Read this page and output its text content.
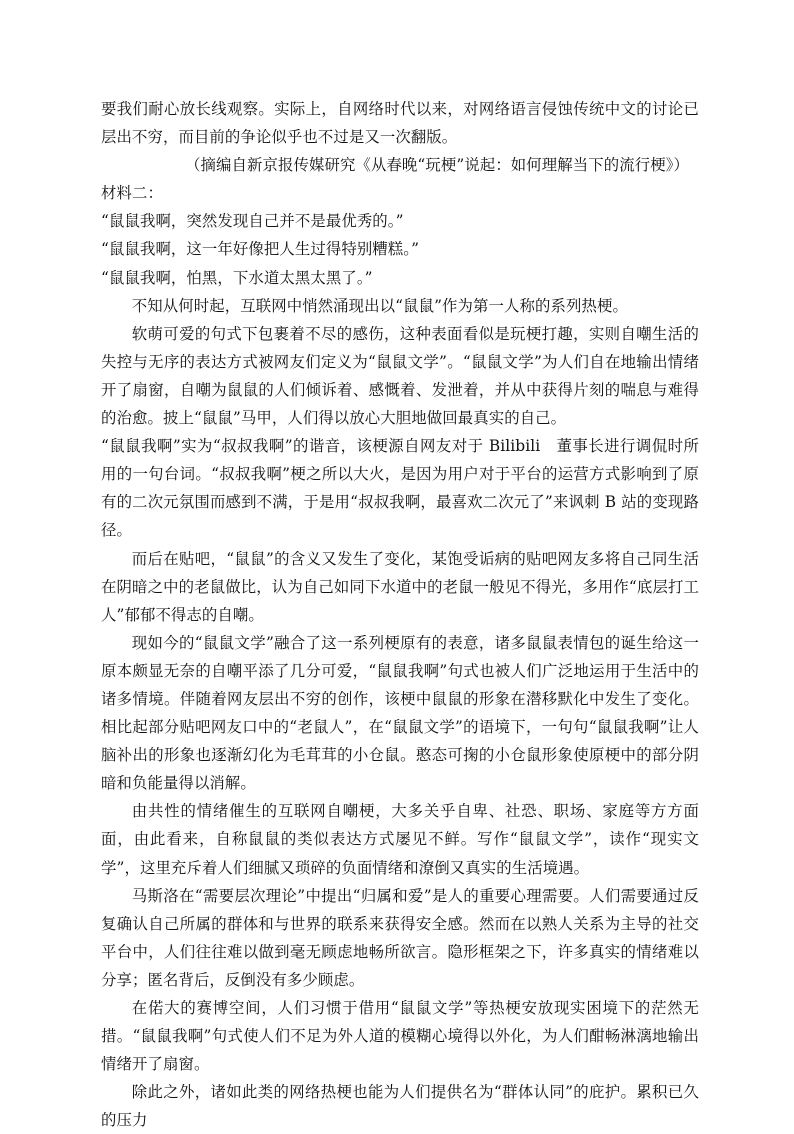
要我们耐心放长线观察。实际上，自网络时代以来，对网络语言侵蚀传统中文的讨论已层出不穷，而目前的争论似乎也不过是又一次翻版。

（摘编自新京报传媒研究《从春晚“玩梗”说起：如何理解当下的流行梗》）

材料二：

“鼠鼠我啊，突然发现自己并不是最优秀的。”

“鼠鼠我啊，这一年好像把人生过得特别糟糕。”

“鼠鼠我啊，怕黑，下水道太黑太黑了。”

不知从何时起，互联网中悄然涌现出以“鼠鼠”作为第一人称的系列热梗。

软萌可爱的句式下包裹着不尽的感伤，这种表面看似是玩梗打趣，实则自嘲生活的失控与无序的表达方式被网友们定义为“鼠鼠文学”。“鼠鼠文学”为人们自在地输出情绪开了扇窗，自嘲为鼠鼠的人们倾诉着、感慨着、发泄着，并从中获得片刻的喘息与难得的治愈。披上“鼠鼠”马甲，人们得以放心大胆地做回最真实的自己。

“鼠鼠我啊”实为“叔叔我啊”的谐音，该梗源自网友对于 Bilibili　董事长进行调侃时所用的一句台词。“叔叔我啊”梗之所以大火，是因为用户对于平台的运营方式影响到了原有的二次元氛围而感到不满，于是用“叔叔我啊，最喜欢二次元了”来讽刺 B 站的变现路径。

而后在贴吧，“鼠鼠”的含义又发生了变化，某饱受诟病的贴吧网友多将自己同生活在阴暗之中的老鼠做比，认为自己如同下水道中的老鼠一般见不得光，多用作“底层打工人”郁郁不得志的自嘲。

现如今的“鼠鼠文学”融合了这一系列梗原有的表意，诸多鼠鼠表情包的诞生给这一原本颇显无奈的自嘲平添了几分可爱，“鼠鼠我啊”句式也被人们广泛地运用于生活中的诸多情境。伴随着网友层出不穷的创作，该梗中鼠鼠的形象在潜移默化中发生了变化。相比起部分贴吧网友口中的“老鼠人”，在“鼠鼠文学”的语境下，一句句“鼠鼠我啊”让人脑补出的形象也逐渐幻化为毛茸茸的小仓鼠。憨态可掬的小仓鼠形象使原梗中的部分阴暗和负能量得以消解。

由共性的情绪催生的互联网自嘲梗，大多关乎自卑、社恐、职场、家庭等方方面面，由此看来，自称鼠鼠的类似表达方式屡见不鲜。写作“鼠鼠文学”，读作“现实文学”，这里充斥着人们细腻又琐碎的负面情绪和潦倒又真实的生活境遇。

马斯洛在“需要层次理论”中提出“归属和爱”是人的重要心理需要。人们需要通过反复确认自己所属的群体和与世界的联系来获得安全感。然而在以熟人关系为主导的社交平台中，人们往往难以做到毫无顾虑地畅所欲言。隐形框架之下，许多真实的情绪难以分享；匿名背后，反倒没有多少顾虑。

在偌大的赛博空间，人们习惯于借用“鼠鼠文学”等热梗安放现实困境下的茫然无措。“鼠鼠我啊”句式使人们不足为外人道的模糊心境得以外化，为人们酣畅淋漓地输出情绪开了扇窗。

除此之外，诸如此类的网络热梗也能为人们提供名为“群体认同”的庇护。累积已久的压力
